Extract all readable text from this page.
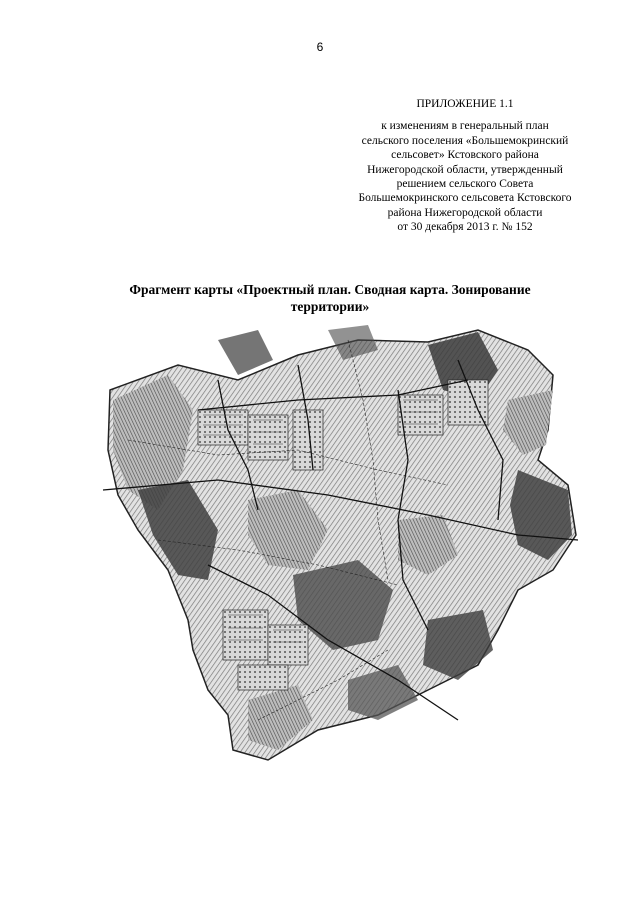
6
ПРИЛОЖЕНИЕ 1.1
к изменениям в генеральный план
сельского поселения «Большемокринский
сельсовет» Кстовского района
Нижегородской области, утвержденный
решением сельского Совета
Большемокринского сельсовета Кстовского
района Нижегородской области
от 30 декабря 2013 г. № 152
Фрагмент карты «Проектный план. Сводная карта. Зонирование
территории»
